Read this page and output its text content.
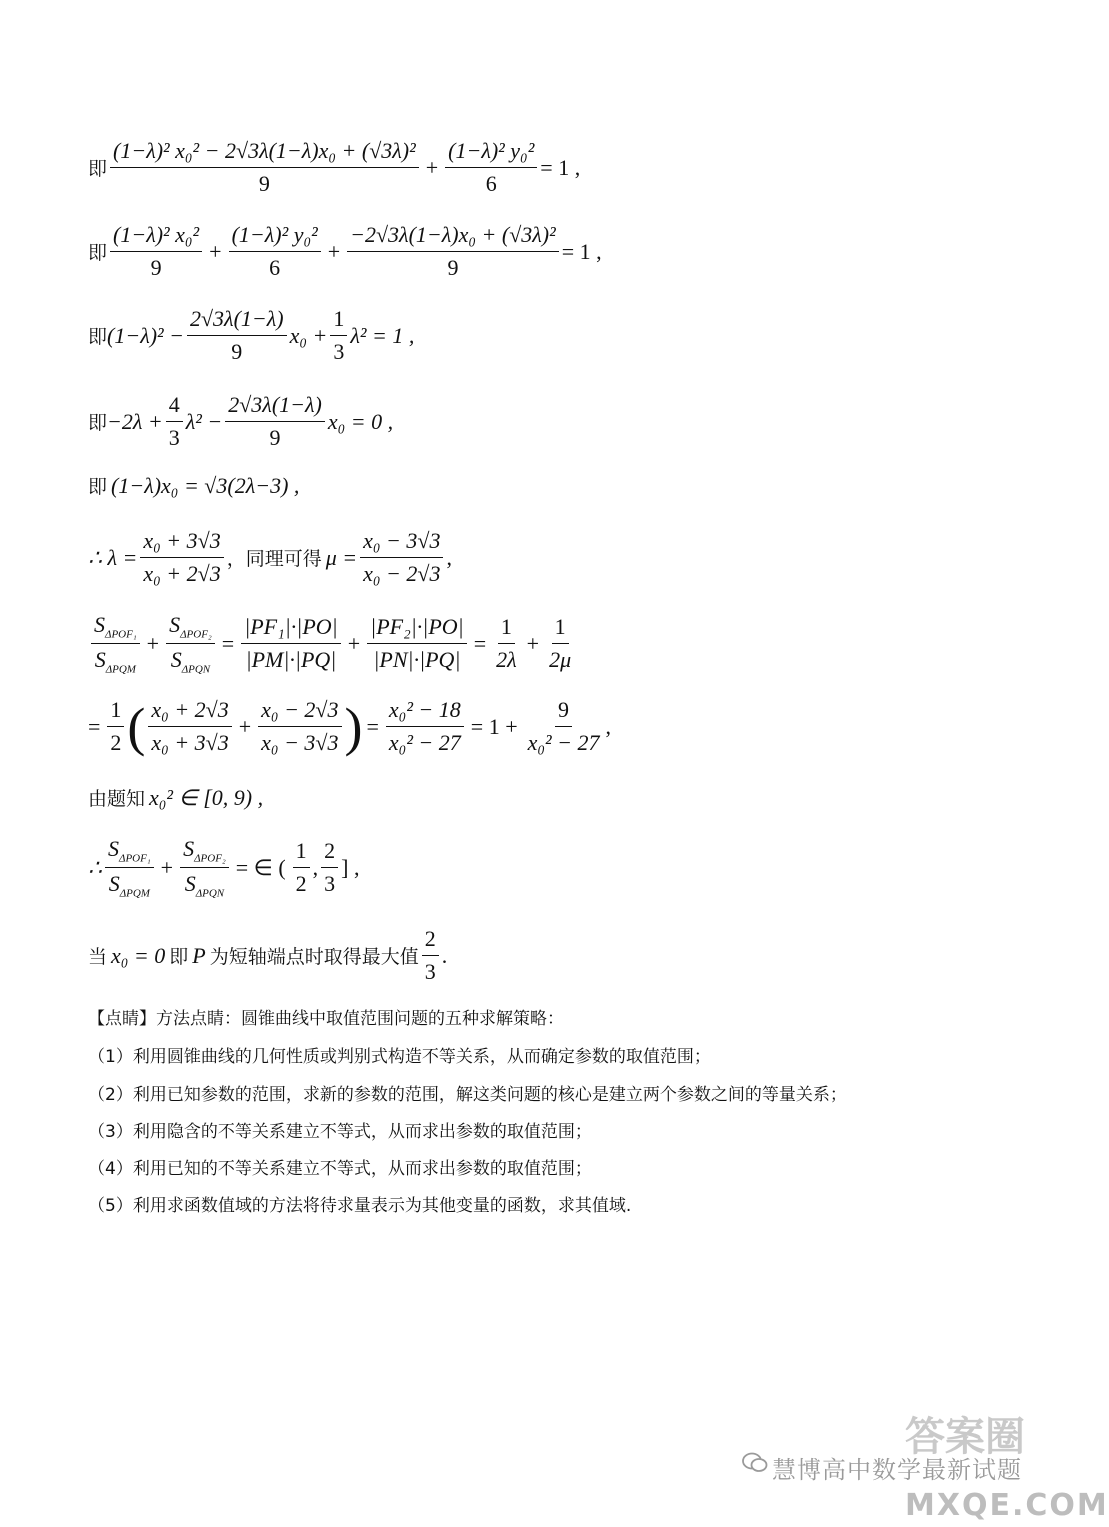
即 $\frac{\text{(1−λ)² x₀² − 2√3λ(1−λ)x₀ + (√3λ)²}}{9} + \frac{\text{(1−λ)² y₀²}}{6} = 1$ ,
即 $\frac{\text{(1−λ)² x₀²}}{9} + \frac{\text{(1−λ)² y₀²}}{6} + \frac{\text{−2√3λ(1−λ)x₀ + (√3λ)²}}{9} = 1$ ,
即 $(1-\lambda)^2 - \frac{2√3\lambda(1-\lambda)}{9} x_0 + \frac{1}{3} \lambda^2 = 1$ ,
即 $-2\lambda + \frac{4}{3} \lambda^2 - \frac{2√3\lambda(1-\lambda)}{9} x_0 = 0$ ,
即 (1−λ)x₀ = √3(2λ−3) ,
∴ $\lambda = \frac{\text{x₀ + 3√3}}{\text{x₀ + 2√3}}$ ，同理可得 $\mu = \frac{\text{x₀ − 3√3}}{\text{x₀ − 2√3}}$ ,
$\frac{S_{\Delta POF_1}}{S_{\Delta PQM}} + \frac{S_{\Delta POF_2}}{S_{\Delta PQN}} = \frac{\text{|PF₁|·|PO|}}{|PM|\cdot|PQ|} + \frac{\text{|PF₂|·|PO|}}{|PN|\cdot|PQ|} = \frac{1}{2\lambda} + \frac{1}{2\mu}$
= $\frac{1}{2}$ ( $\frac{\text{x₀ + 2√3}}{\text{x₀ + 3√3}} + \frac{\text{x₀ − 2√3}}{\text{x₀ − 3√3}}$ ) = $\frac{\text{x₀² − 18}}{\text{x₀² − 27}} = 1 + \frac{9}{\text{x₀² − 27}}$ ,
由题知 x₀² ∈ [0, 9) ,
∴ $\frac{S_{\Delta POF_1}}{S_{\Delta PQM}} + \frac{S_{\Delta POF_2}}{S_{\Delta PQN}}$ = ∈ ( $\frac{1}{2}$ , $\frac{2}{3}$ ] ,
当 x₀ = 0 即 P 为短轴端点时取得最大值 $\frac{2}{3}$ .
【点睛】方法点睛：圆锥曲线中取值范围问题的五种求解策略：
（1）利用圆锥曲线的几何性质或判别式构造不等关系，从而确定参数的取值范围；
（2）利用已知参数的范围，求新的参数的范围，解这类问题的核心是建立两个参数之间的等量关系；
（3）利用隐含的不等关系建立不等式，从而求出参数的取值范围；
（4）利用已知的不等关系建立不等式，从而求出参数的取值范围；
（5）利用求函数值域的方法将待求量表示为其他变量的函数，求其值域.
慧博高中数学最新试题
答案圈
MXQE.COM
